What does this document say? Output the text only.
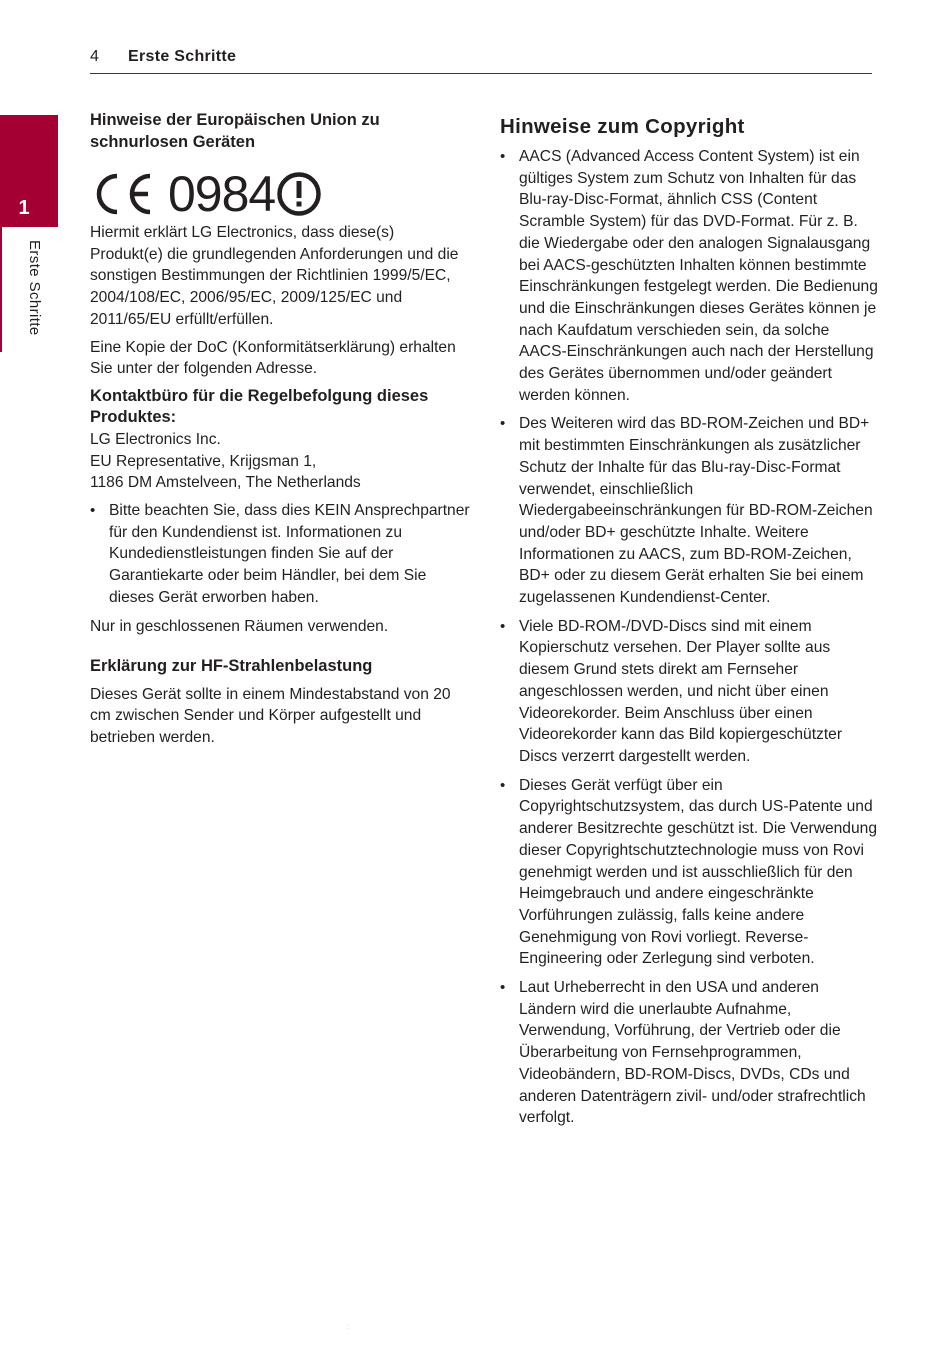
4 Erste Schritte
1
Erste Schritte
Hinweise der Europäischen Union zu schnurlosen Geräten
0984

Hiermit erklärt LG Electronics, dass diese(s) Produkt(e) die grundlegenden Anforderungen und die sonstigen Bestimmungen der Richtlinien 1999/5/EC, 2004/108/EC, 2006/95/EC, 2009/125/EC und 2011/65/EU erfüllt/erfüllen.

Eine Kopie der DoC (Konformitätserklärung) erhalten Sie unter der folgenden Adresse.

Kontaktbüro für die Regelbefolgung dieses Produktes:

LG Electronics Inc.

EU Representative, Krijgsman 1,

1186 DM Amstelveen, The Netherlands

• Bitte beachten Sie, dass dies KEIN Ansprechpartner für den Kundendienst ist. Informationen zu Kundedienstleistungen finden Sie auf der Garantiekarte oder beim Händler, bei dem Sie dieses Gerät erworben haben.

Nur in geschlossenen Räumen verwenden.

Erklärung zur HF-Strahlenbelastung

Dieses Gerät sollte in einem Mindestabstand von 20 cm zwischen Sender und Körper aufgestellt und betrieben werden.

Hinweise zum Copyright
• AACS (Advanced Access Content System) ist ein gültiges System zum Schutz von Inhalten für das Blu-ray-Disc-Format, ähnlich CSS (Content Scramble System) für das DVD-Format. Für z. B. die Wiedergabe oder den analogen Signalausgang bei AACS-geschützten Inhalten können bestimmte Einschränkungen festgelegt werden. Die Bedienung und die Einschränkungen dieses Gerätes können je nach Kaufdatum verschieden sein, da solche AACS-Einschränkungen auch nach der Herstellung des Gerätes übernommen und/oder geändert werden können.
• Des Weiteren wird das BD-ROM-Zeichen und BD+ mit bestimmten Einschränkungen als zusätzlicher Schutz der Inhalte für das Blu-ray-Disc-Format verwendet, einschließlich Wiedergabeeinschränkungen für BD-ROM-Zeichen und/oder BD+ geschützte Inhalte. Weitere Informationen zu AACS, zum BD-ROM-Zeichen, BD+ oder zu diesem Gerät erhalten Sie bei einem zugelassenen Kundendienst-Center.
• Viele BD-ROM-/DVD-Discs sind mit einem Kopierschutz versehen. Der Player sollte aus diesem Grund stets direkt am Fernseher angeschlossen werden, und nicht über einen Videorekorder. Beim Anschluss über einen Videorekorder kann das Bild kopiergeschützter Discs verzerrt dargestellt werden.
• Dieses Gerät verfügt über ein Copyrightschutzsystem, das durch US-Patente und anderer Besitzrechte geschützt ist. Die Verwendung dieser Copyrightschutztechnologie muss von Rovi genehmigt werden und ist ausschließlich für den Heimgebrauch und andere eingeschränkte Vorführungen zulässig, falls keine andere Genehmigung von Rovi vorliegt. Reverse-Engineering oder Zerlegung sind verboten.
• Laut Urheberrecht in den USA und anderen Ländern wird die unerlaubte Aufnahme, Verwendung, Vorführung, der Vertrieb oder die Überarbeitung von Fernsehprogrammen, Videobändern, BD-ROM-Discs, DVDs, CDs und anderen Datenträgern zivil- und/oder strafrechtlich verfolgt.
:
